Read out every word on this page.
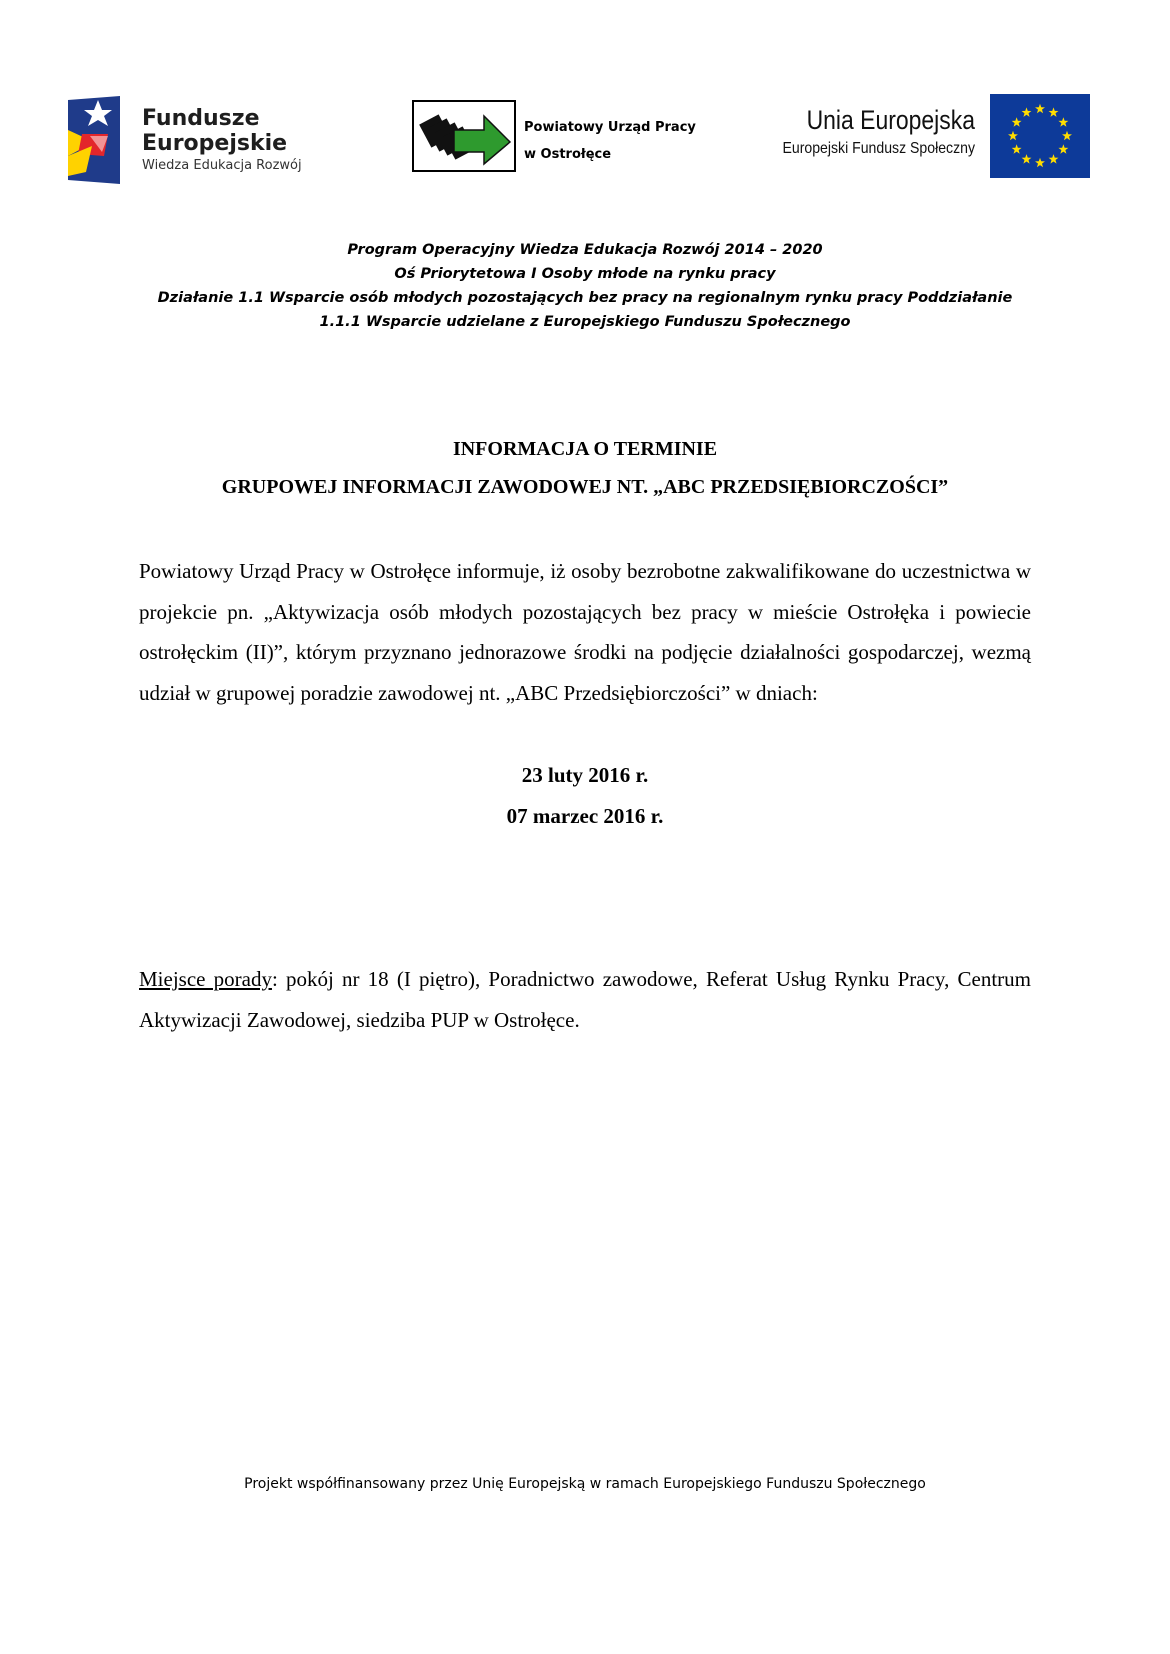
Fundusze
Europejskie
Wiedza Edukacja Rozwój
Powiatowy Urząd Pracy
w Ostrołęce
Unia Europejska
Europejski Fundusz Społeczny
Program Operacyjny Wiedza Edukacja Rozwój 2014 – 2020
Oś Priorytetowa I Osoby młode na rynku pracy
Działanie 1.1 Wsparcie osób młodych pozostających bez pracy na regionalnym rynku pracy Poddziałanie
1.1.1 Wsparcie udzielane z Europejskiego Funduszu Społecznego
INFORMACJA O TERMINIE
GRUPOWEJ INFORMACJI ZAWODOWEJ NT. „ABC PRZEDSIĘBIORCZOŚCI”
Powiatowy Urząd Pracy w Ostrołęce informuje, iż osoby bezrobotne zakwalifikowane do uczestnictwa w projekcie pn. „Aktywizacja osób młodych pozostających bez pracy w mieście Ostrołęka i powiecie ostrołęckim (II)”, którym przyznano jednorazowe środki na podjęcie działalności gospodarczej, wezmą udział w grupowej poradzie zawodowej nt. „ABC Przedsiębiorczości” w dniach:
23 luty 2016 r.
07 marzec 2016 r.
Miejsce porady: pokój nr 18 (I piętro), Poradnictwo zawodowe, Referat Usług Rynku Pracy, Centrum Aktywizacji Zawodowej, siedziba PUP w Ostrołęce.
Projekt współfinansowany przez Unię Europejską w ramach Europejskiego Funduszu Społecznego
